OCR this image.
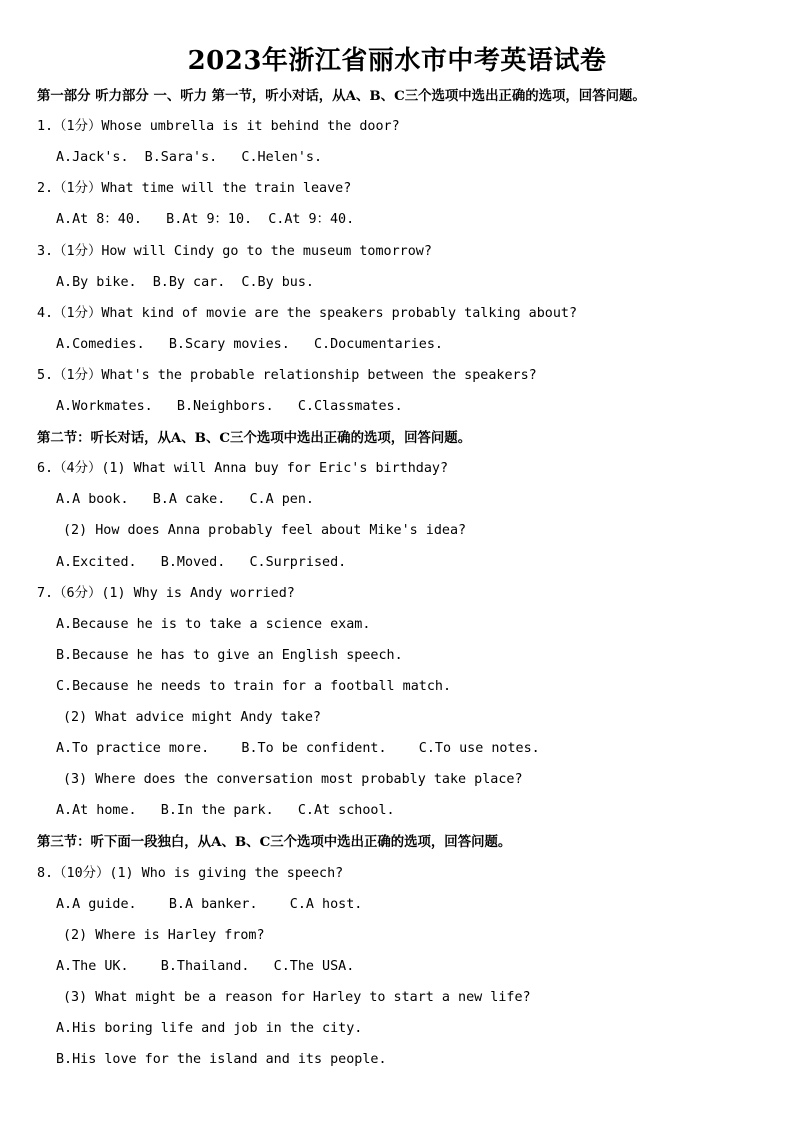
2023年浙江省丽水市中考英语试卷
第一部分 听力部分 一、听力 第一节，听小对话，从A、B、C三个选项中选出正确的选项，回答问题。
1.（1分）Whose umbrella is it behind the door?
A.Jack's.  B.Sara's.   C.Helen's.
2.（1分）What time will the train leave?
A.At 8：40.   B.At 9：10.  C.At 9：40.
3.（1分）How will Cindy go to the museum tomorrow?
A.By bike.  B.By car.  C.By bus.
4.（1分）What kind of movie are the speakers probably talking about?
A.Comedies.   B.Scary movies.   C.Documentaries.
5.（1分）What's the probable relationship between the speakers?
A.Workmates.   B.Neighbors.   C.Classmates.
第二节：听长对话，从A、B、C三个选项中选出正确的选项，回答问题。
6.（4分）(1) What will Anna buy for Eric's birthday?
A.A book.   B.A cake.   C.A pen.
(2) How does Anna probably feel about Mike's idea?
A.Excited.   B.Moved.   C.Surprised.
7.（6分）(1) Why is Andy worried?
A.Because he is to take a science exam.
B.Because he has to give an English speech.
C.Because he needs to train for a football match.
(2) What advice might Andy take?
A.To practice more.    B.To be confident.    C.To use notes.
(3) Where does the conversation most probably take place?
A.At home.   B.In the park.   C.At school.
第三节：听下面一段独白，从A、B、C三个选项中选出正确的选项，回答问题。
8.（10分）(1) Who is giving the speech?
A.A guide.    B.A banker.    C.A host.
(2) Where is Harley from?
A.The UK.    B.Thailand.   C.The USA.
(3) What might be a reason for Harley to start a new life?
A.His boring life and job in the city.
B.His love for the island and its people.
